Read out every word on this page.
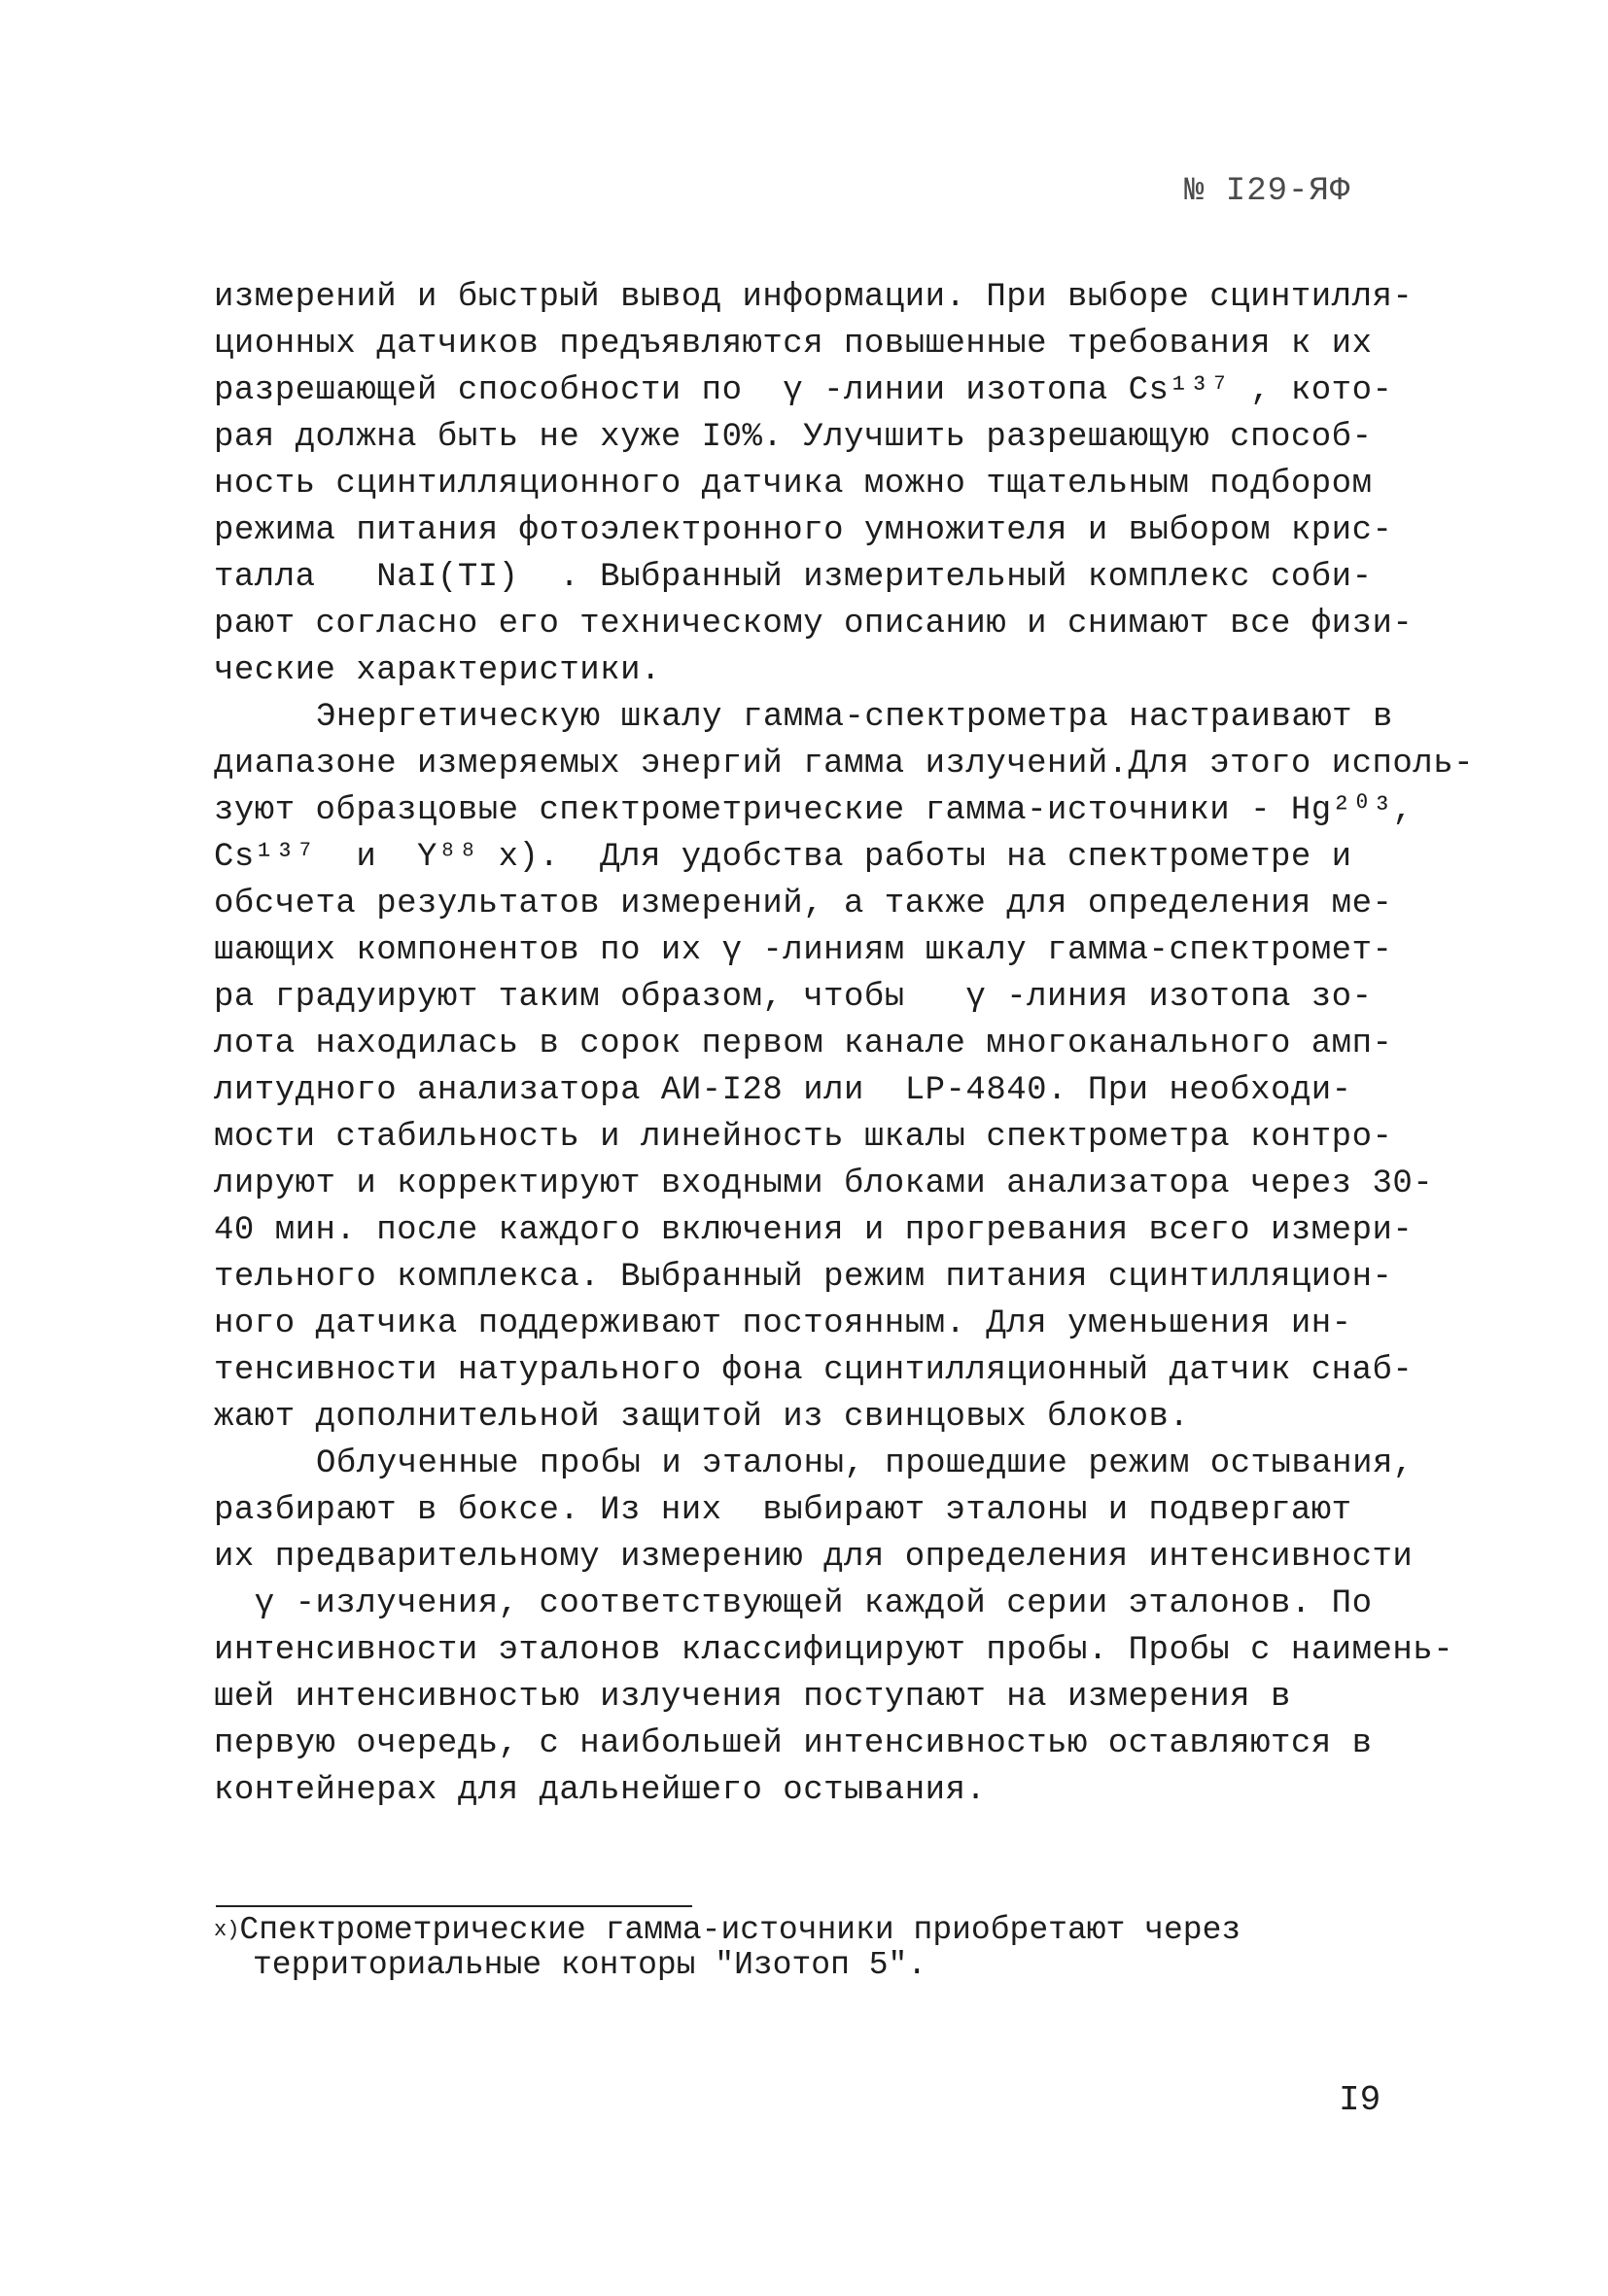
№ I29-ЯФ
измерений и быстрый вывод информации. При выборе сцинтилля-
ционных датчиков предъявляются повышенные требования к их
разрешающей способности по  γ -линии изотопа Cs¹³⁷ , кото-
рая должна быть не хуже I0%. Улучшить разрешающую способ-
ность сцинтилляционного датчика можно тщательным подбором
режима питания фотоэлектронного умножителя и выбором крис-
талла   NaI(TI)  . Выбранный измерительный комплекс соби-
рают согласно его техническому описанию и снимают все физи-
ческие характеристики.
Энергетическую шкалу гамма-спектрометра настраивают в
диапазоне измеряемых энергий гамма излучений.Для этого исполь-
зуют образцовые спектрометрические гамма-источники - Hg²⁰³,
Cs¹³⁷  и  Y⁸⁸ x).  Для удобства работы на спектрометре и
обсчета результатов измерений, а также для определения ме-
шающих компонентов по их γ -линиям шкалу гамма-спектромет-
ра градуируют таким образом, чтобы   γ -линия изотопа зо-
лота находилась в сорок первом канале многоканального амп-
литудного анализатора АИ-I28 или  LP-4840. При необходи-
мости стабильность и линейность шкалы спектрометра контро-
лируют и корректируют входными блоками анализатора через 30-
40 мин. после каждого включения и прогревания всего измери-
тельного комплекса. Выбранный режим питания сцинтилляцион-
ного датчика поддерживают постоянным. Для уменьшения ин-
тенсивности натурального фона сцинтилляционный датчик снаб-
жают дополнительной защитой из свинцовых блоков.
Облученные пробы и эталоны, прошедшие режим остывания,
разбирают в боксе. Из них  выбирают эталоны и подвергают
их предварительному измерению для определения интенсивности
γ -излучения, соответствующей каждой серии эталонов. По
интенсивности эталонов классифицируют пробы. Пробы с наимень-
шей интенсивностью излучения поступают на измерения в
первую очередь, с наибольшей интенсивностью оставляются в
контейнерах для дальнейшего остывания.
$^{x)}$Спектрометрические гамма-источники приобретают через
территориальные конторы "Изотоп 5".
I9
